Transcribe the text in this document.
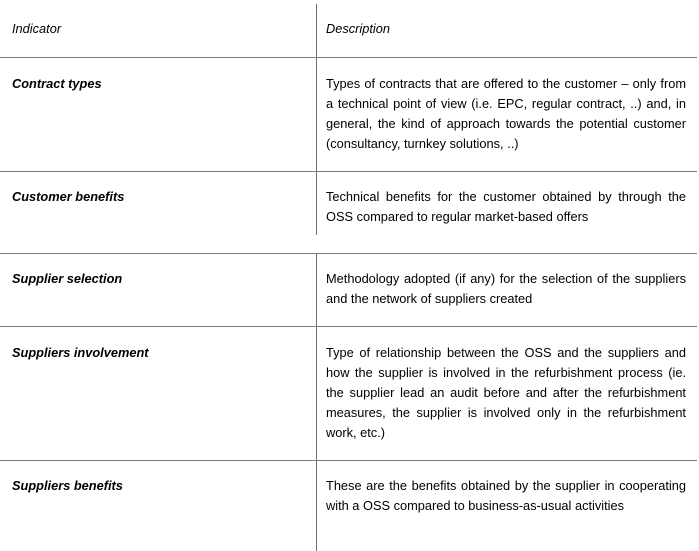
Indicator	Description
Contract types	Types of contracts that are offered to the customer – only from a technical point of view (i.e. EPC, regular contract, ..) and, in general, the kind of approach towards the potential customer (consultancy, turnkey solutions, ..)
Customer benefits	Technical benefits for the customer obtained by through the OSS compared to regular market-based offers
Supplier selection	Methodology adopted (if any) for the selection of the suppliers and the network of suppliers created
Suppliers involvement	Type of relationship between the OSS and the suppliers and how the supplier is involved in the refurbishment process (ie. the supplier lead an audit before and after the refurbishment measures, the supplier is involved only in the refurbishment work, etc.)
Suppliers benefits	These are the benefits obtained by the supplier in cooperating with a OSS compared to business-as-usual activities
